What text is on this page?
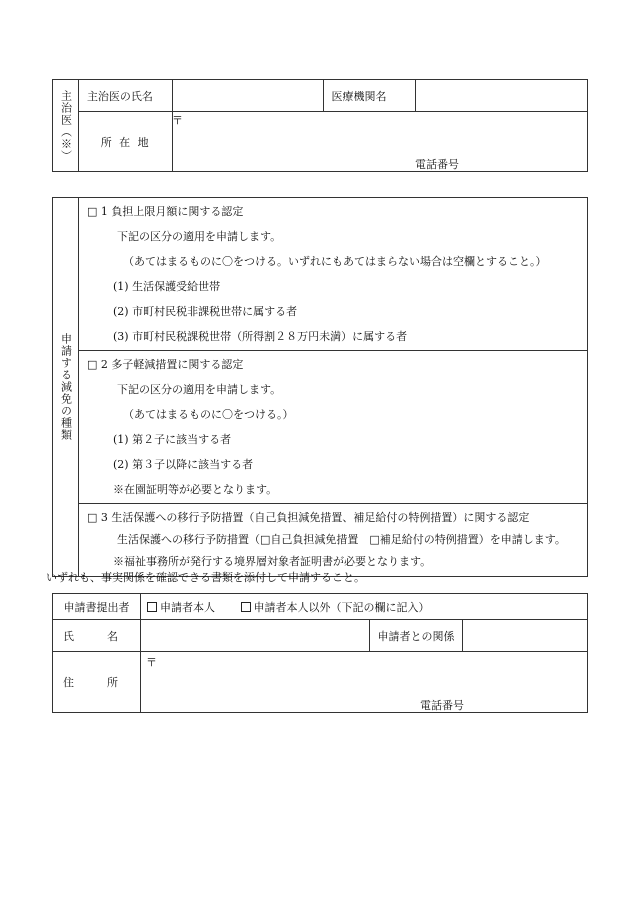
主治医（※）	主治医の氏名		医療機関名	
	所 在 地			
〒
電話番号
申請する減免の種類

□ 1 負担上限月額に関する認定
下記の区分の適用を申請します。
（あてはまるものに〇をつける。いずれにもあてはまらない場合は空欄とすること。）
(1) 生活保護受給世帯
(2) 市町村民税非課税世帯に属する者
(3) 市町村民税課税世帯（所得割２８万円未満）に属する者

□ 2 多子軽減措置に関する認定
下記の区分の適用を申請します。
（あてはまるものに〇をつける。）
(1) 第２子に該当する者
(2) 第３子以降に該当する者
※在園証明等が必要となります。

□ 3 生活保護への移行予防措置（自己負担減免措置、補足給付の特例措置）に関する認定
生活保護への移行予防措置（□自己負担減免措置　□補足給付の特例措置）を申請します。
※福祉事務所が発行する境界層対象者証明書が必要となります。
いずれも、事実関係を確認できる書類を添付して申請すること。
申請書提出者	申請者本人 申請者本人以外（下記の欄に記入）		
氏　　　名		申請者との関係	
住　　　所			
〒
電話番号
